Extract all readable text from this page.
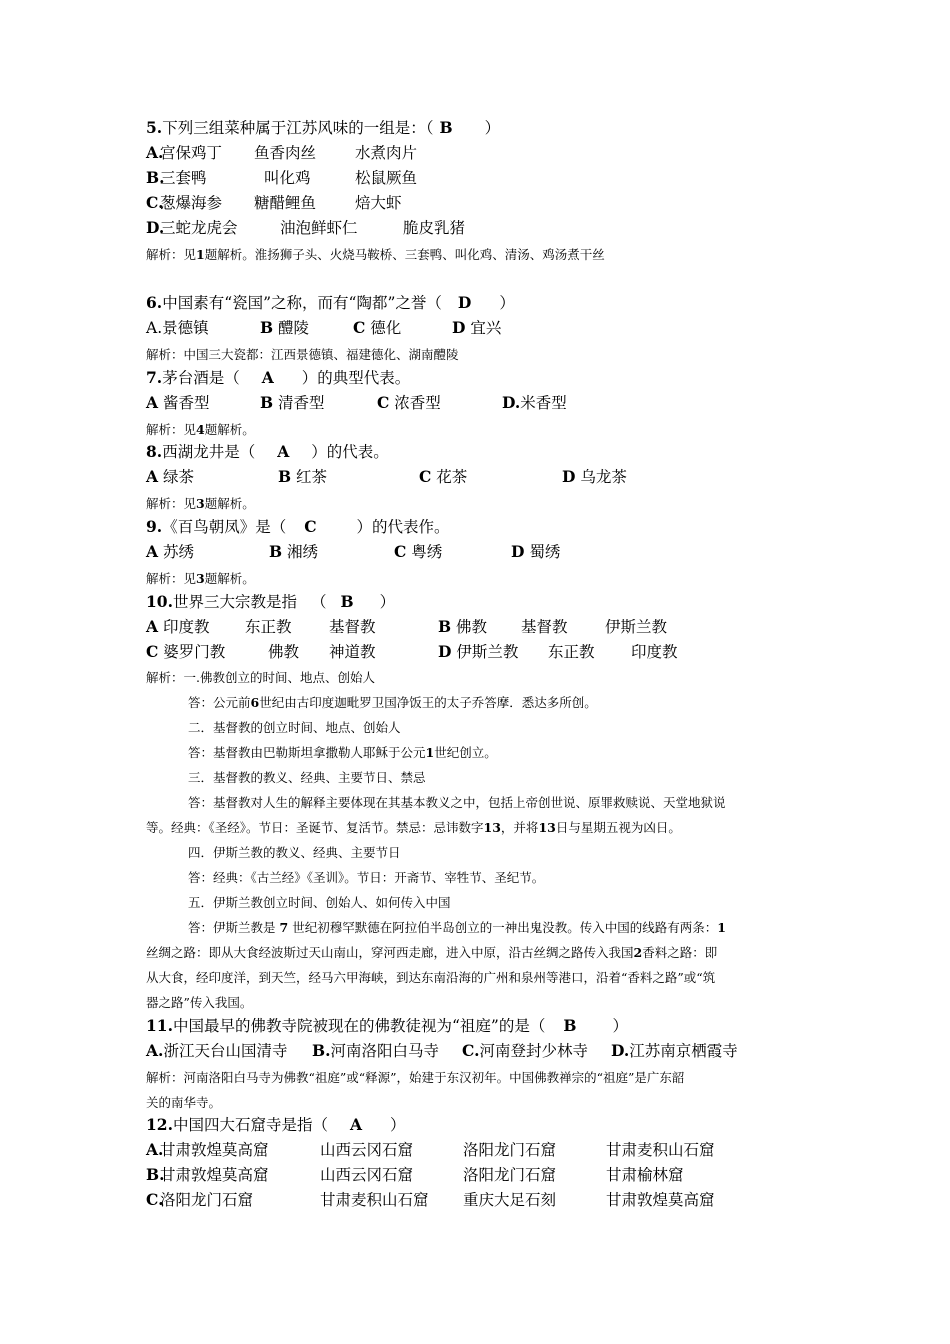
5.下列三组菜种属于江苏风味的一组是：（ B ）
A.
宫保鸡丁 鱼香肉丝	水煮肉片
B.
三套鸭	叫化鸡	松鼠厥鱼
C.
葱爆海参 糖醋鲤鱼	焙大虾
D.
三蛇龙虎会	油泡鲜虾仁	脆皮乳猪
解析：见1题解析。淮扬狮子头、火烧马鞍桥、三套鸭、叫化鸡、清汤、鸡汤煮干丝
6.中国素有“瓷国”之称，而有“陶都”之誉（ D ）
A.景德镇	B 醴陵	C 德化	D 宜兴
解析：中国三大瓷都：江西景德镇、福建德化、湖南醴陵
7.茅台酒是（ A ）的典型代表。
A 酱香型	B 清香型	C 浓香型	D.米香型
解析：见4题解析。
8.西湖龙井是（ A ）的代表。
A 绿茶	B 红茶	C 花茶	D 乌龙茶
解析：见3题解析。
9.《百鸟朝凤》是（ C	）的代表作。
A 苏绣	B 湘绣	C 粤绣	D 蜀绣
解析：见3题解析。
10.世界三大宗教是指 （ B ）
A 印度教 东正教 基督教	B 佛教 基督教 伊斯兰教
C 婆罗门教	佛教 神道教	D 伊斯兰教 东正教 印度教
解析：一.佛教创立的时间、地点、创始人
答：公元前6世纪由古印度迦毗罗卫国净饭王的太子乔答摩．悉达多所创。
二．基督教的创立时间、地点、创始人
答：基督教由巴勒斯坦拿撒勒人耶稣于公元1世纪创立。
三．基督教的教义、经典、主要节日、禁忌
答：基督教对人生的解释主要体现在其基本教义之中，包括上帝创世说、原罪救赎说、天堂地狱说
等。经典：《圣经》。节日：圣诞节、复活节。禁忌：忌讳数字13，并将13日与星期五视为凶日。
四．伊斯兰教的教义、经典、主要节日
答：经典：《古兰经》《圣训》。节日：开斋节、宰牲节、圣纪节。
五．伊斯兰教创立时间、创始人、如何传入中国
答：伊斯兰教是 7 世纪初穆罕默德在阿拉伯半岛创立的一神出鬼没教。传入中国的线路有两条：1
丝绸之路：即从大食经波斯过天山南山，穿河西走廊，进入中原，沿古丝绸之路传入我国2香料之路：即
从大食，经印度洋，到天竺，经马六甲海峡，到达东南沿海的广州和泉州等港口，沿着“香料之路”或“筑
器之路”传入我国。
11.中国最早的佛教寺院被现在的佛教徒视为“祖庭”的是（ B ）
A.浙江天台山国清寺 B.河南洛阳白马寺 C.河南登封少林寺 D.江苏南京栖霞寺
解析：河南洛阳白马寺为佛教“祖庭”或“释源”，始建于东汉初年。中国佛教禅宗的“祖庭”是广东韶
关的南华寺。
12.中国四大石窟寺是指（ A ）
A.
甘肃敦煌莫高窟	山西云冈石窟	洛阳龙门石窟	甘肃麦积山石窟
B.
甘肃敦煌莫高窟	山西云冈石窟	洛阳龙门石窟	甘肃榆林窟
C.
洛阳龙门石窟	甘肃麦积山石窟 重庆大足石刻	甘肃敦煌莫高窟
